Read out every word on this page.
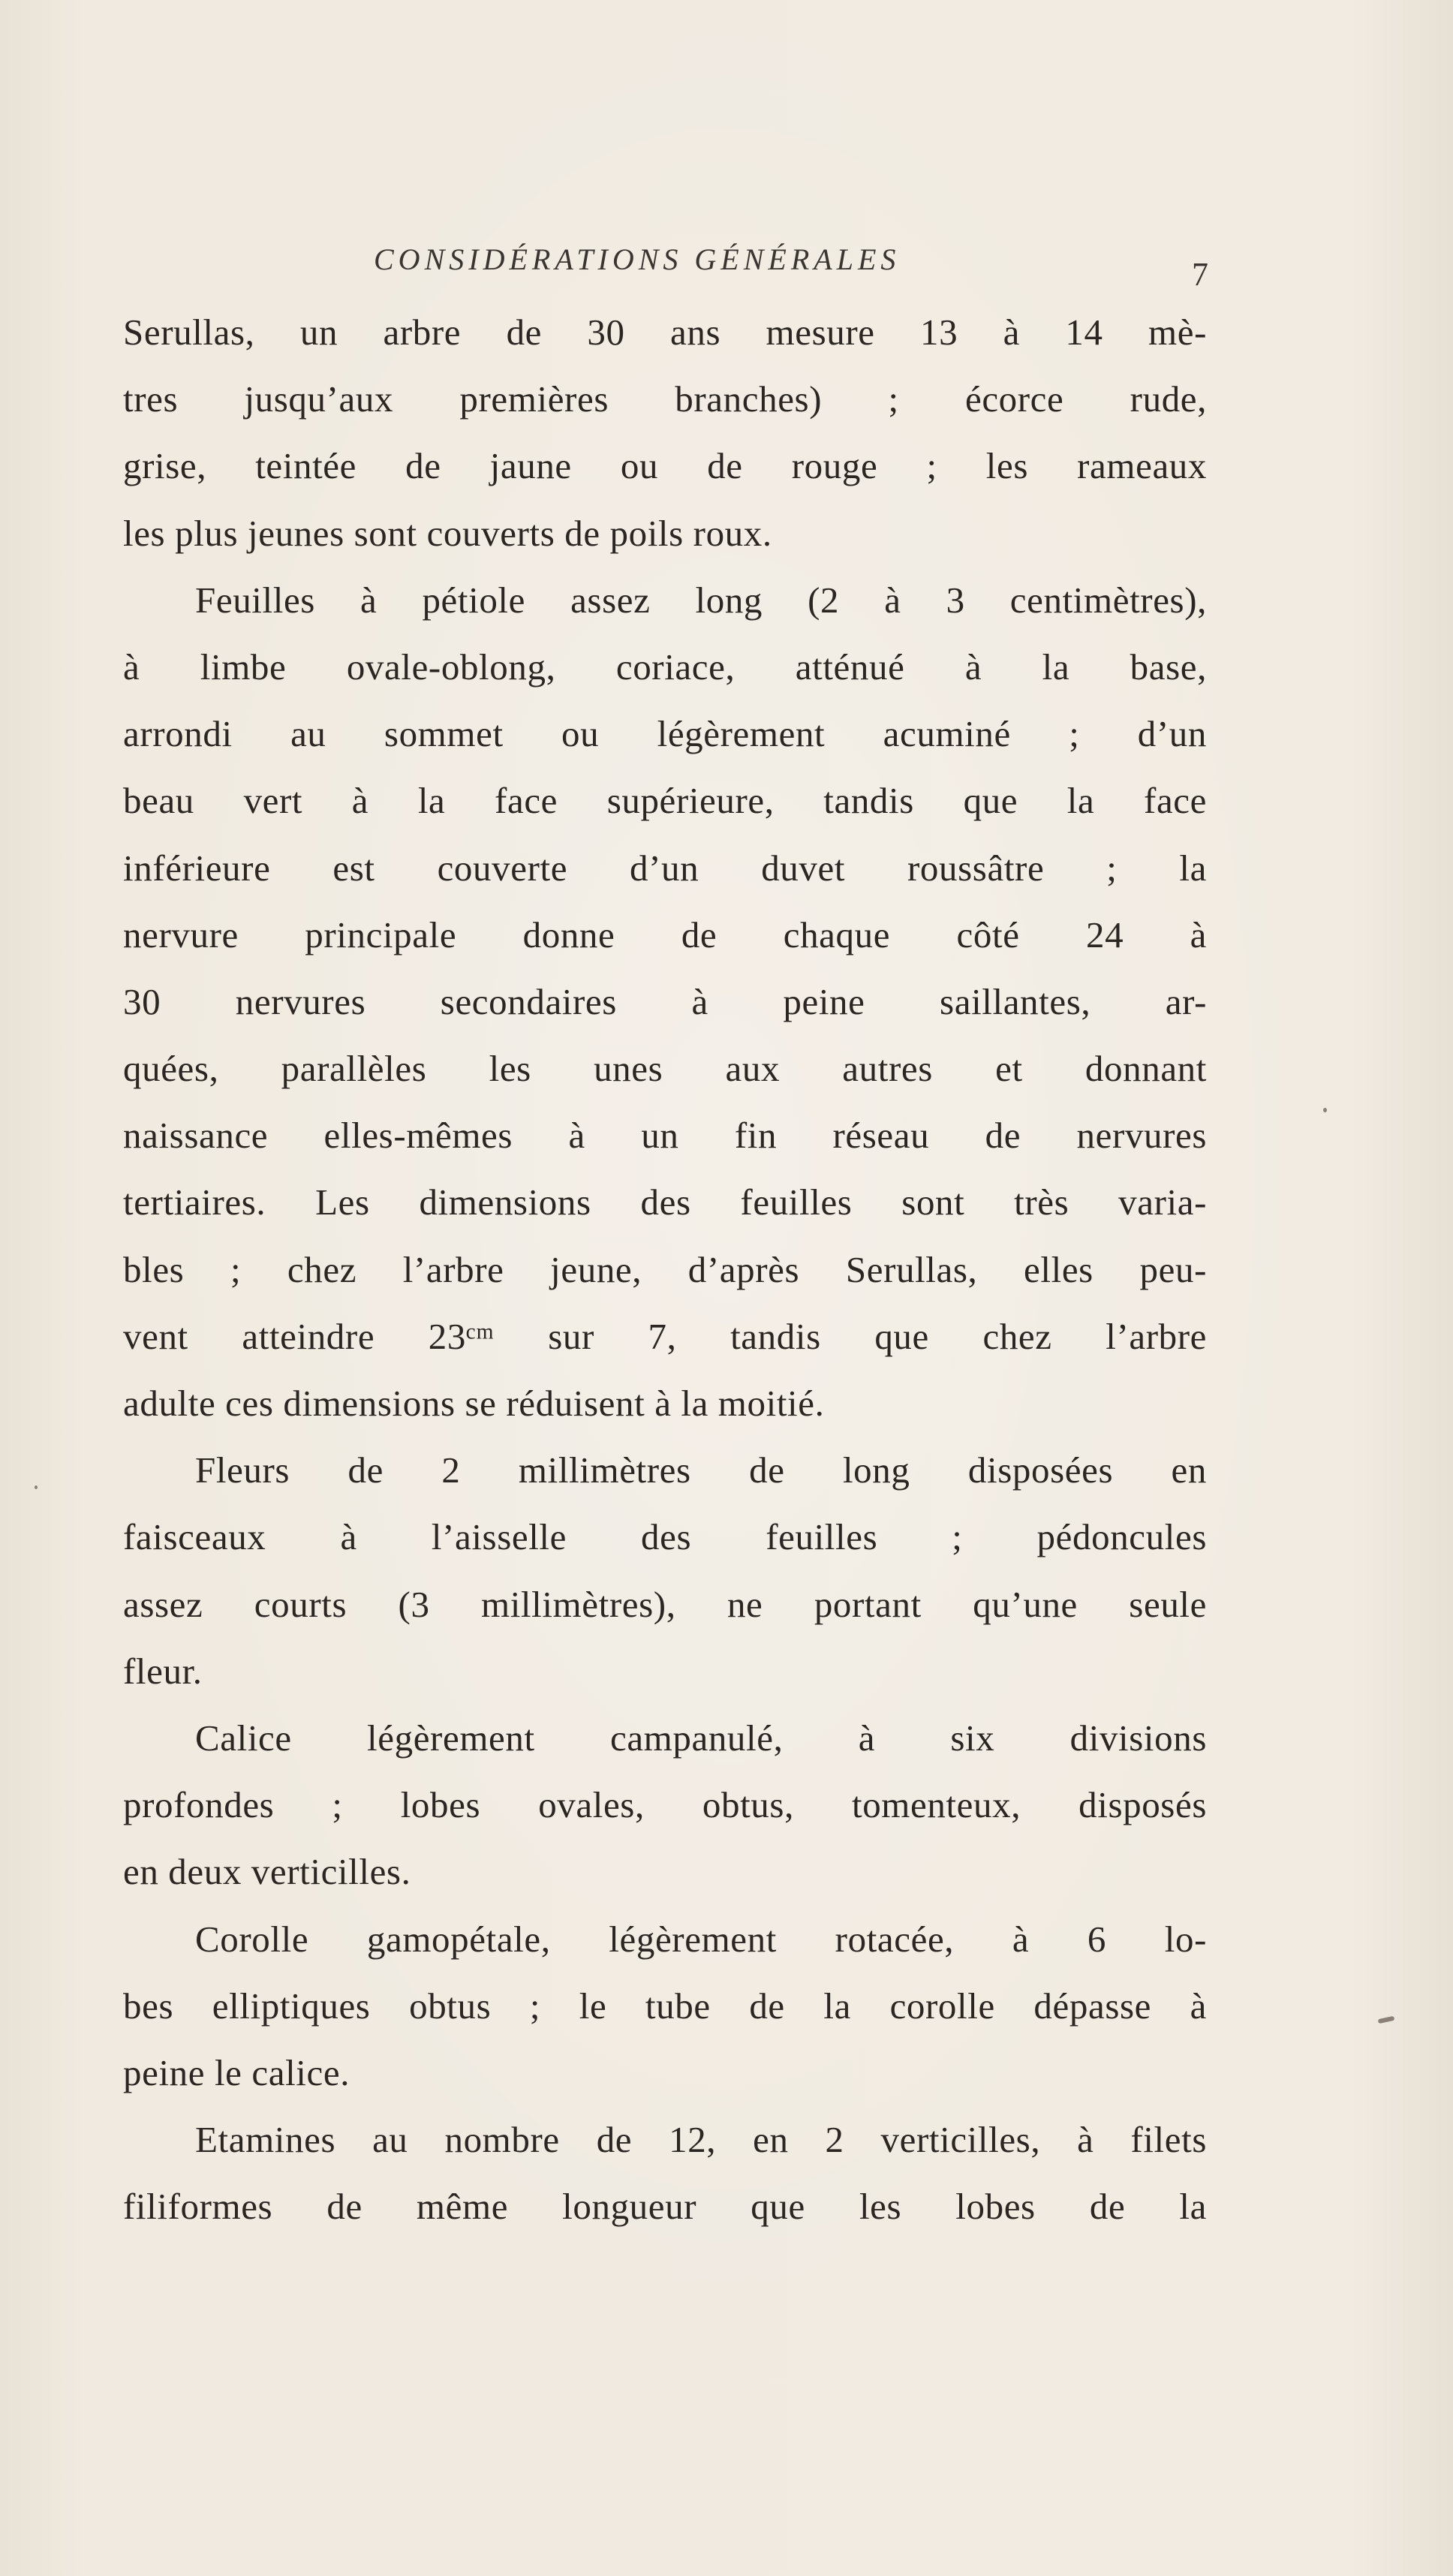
CONSIDÉRATIONS GÉNÉRALES	7
Serullas, un arbre de 30 ans mesure 13 à 14 mè-
tres jusqu’aux premières branches) ; écorce rude,
grise, teintée de jaune ou de rouge ; les rameaux
les plus jeunes sont couverts de poils roux.
Feuilles à pétiole assez long (2 à 3 centimètres),
à limbe ovale-oblong, coriace, atténué à la base,
arrondi au sommet ou légèrement acuminé ; d’un
beau vert à la face supérieure, tandis que la face
inférieure est couverte d’un duvet roussâtre ; la
nervure principale donne de chaque côté 24 à
30 nervures secondaires à peine saillantes, ar-
quées, parallèles les unes aux autres et donnant
naissance elles-mêmes à un fin réseau de nervures
tertiaires. Les dimensions des feuilles sont très varia-
bles ; chez l’arbre jeune, d’après Serullas, elles peu-
vent atteindre 23ᶜᵐ sur 7, tandis que chez l’arbre
adulte ces dimensions se réduisent à la moitié.
Fleurs de 2 millimètres de long disposées en
faisceaux à l’aisselle des feuilles ; pédoncules
assez courts (3 millimètres), ne portant qu’une seule
fleur.
Calice légèrement campanulé, à six divisions
profondes ; lobes ovales, obtus, tomenteux, disposés
en deux verticilles.
Corolle gamopétale, légèrement rotacée, à 6 lo-
bes elliptiques obtus ; le tube de la corolle dépasse à
peine le calice.
Etamines au nombre de 12, en 2 verticilles, à filets
filiformes de même longueur que les lobes de la
